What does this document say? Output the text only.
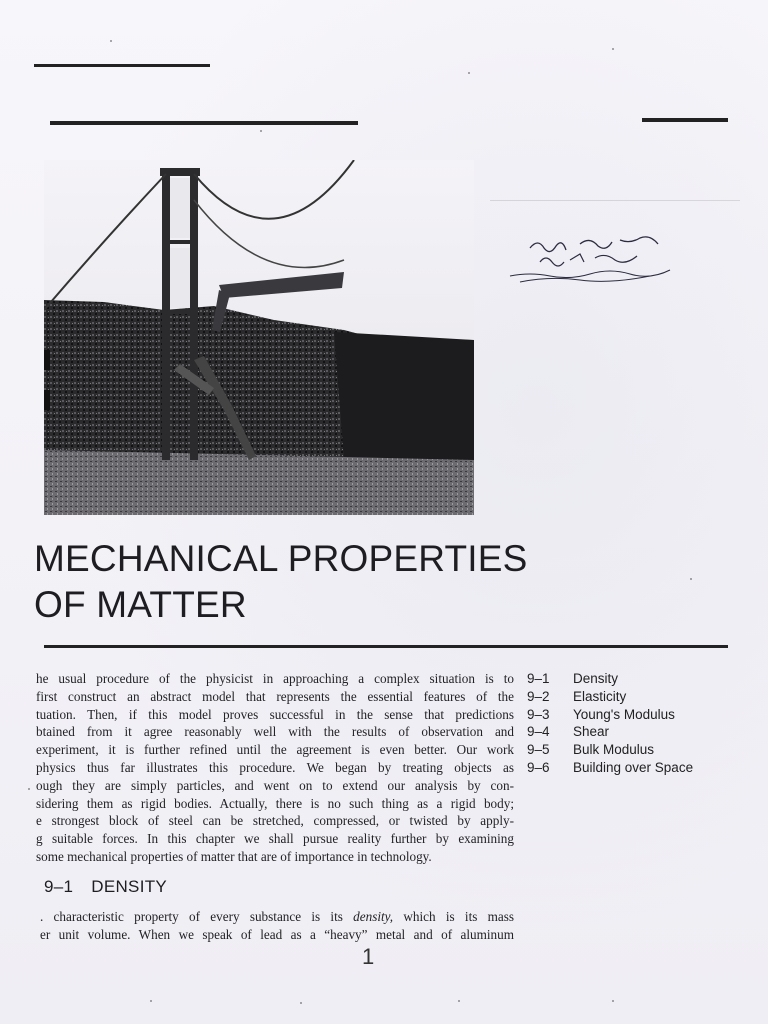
MECHANICAL PROPERTIES
OF MATTER

he usual procedure of the physicist in approaching a complex situation is to
first construct an abstract model that represents the essential features of the
tuation. Then, if this model proves successful in the sense that predictions
btained from it agree reasonably well with the results of observation and
experiment, it is further refined until the agreement is even better. Our work
physics thus far illustrates this procedure. We began by treating objects as
ough they are simply particles, and went on to extend our analysis by con-
sidering them as rigid bodies. Actually, there is no such thing as a rigid body;
e strongest block of steel can be stretched, compressed, or twisted by apply-
g suitable forces. In this chapter we shall pursue reality further by examining
some mechanical properties of matter that are of importance in technology.

9–1	Density
9–2	Elasticity
9–3	Young's Modulus
9–4	Shear
9–5	Bulk Modulus
9–6	Building over Space
9–1 DENSITY

. characteristic property of every substance is its density, which is its mass
er unit volume. When we speak of lead as a “heavy” metal and of aluminum

1
